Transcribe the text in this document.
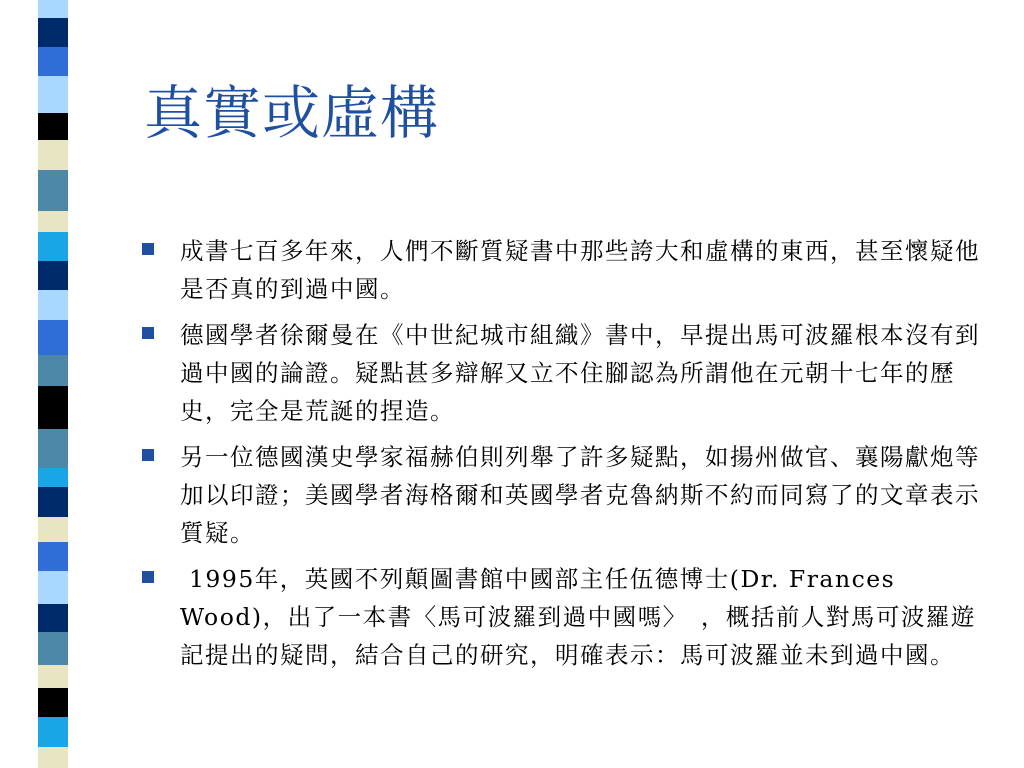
真實或虛構
成書七百多年來，人們不斷質疑書中那些誇大和虛構的東西，甚至懷疑他是否真的到過中國。
德國學者徐爾曼在《中世紀城市組織》書中，早提出馬可波羅根本沒有到過中國的論證。疑點甚多辯解又立不住腳認為所謂他在元朝十七年的歷史，完全是荒誕的捏造。
另一位德國漢史學家福赫伯則列舉了許多疑點，如揚州做官、襄陽獻炮等加以印證；美國學者海格爾和英國學者克魯納斯不約而同寫了的文章表示質疑。
1995年，英國不列顛圖書館中國部主任伍德博士(Dr. Frances Wood)，出了一本書〈馬可波羅到過中國嗎〉　，概括前人對馬可波羅遊記提出的疑問，結合自己的研究，明確表示：馬可波羅並未到過中國。
